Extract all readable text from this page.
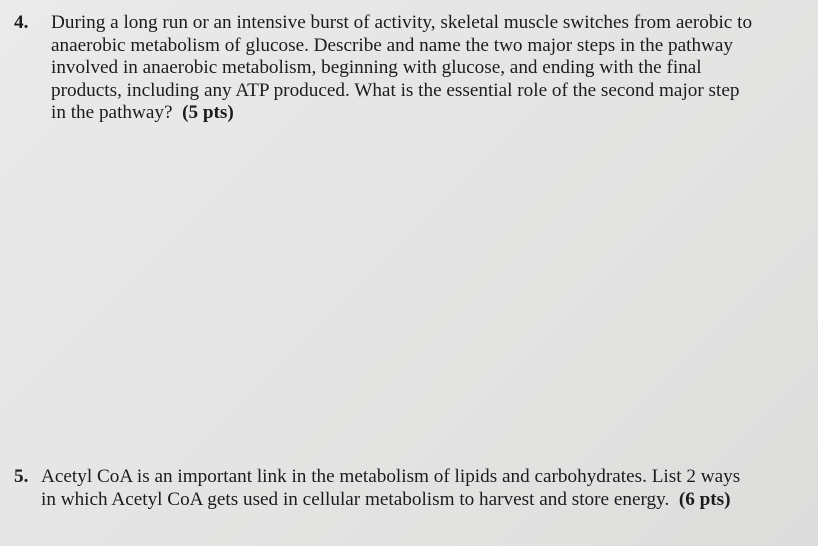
4. During a long run or an intensive burst of activity, skeletal muscle switches from aerobic to
anaerobic metabolism of glucose. Describe and name the two major steps in the pathway
involved in anaerobic metabolism, beginning with glucose, and ending with the final
products, including any ATP produced. What is the essential role of the second major step
in the pathway? (5 pts)
5. Acetyl CoA is an important link in the metabolism of lipids and carbohydrates. List 2 ways
in which Acetyl CoA gets used in cellular metabolism to harvest and store energy. (6 pts)
